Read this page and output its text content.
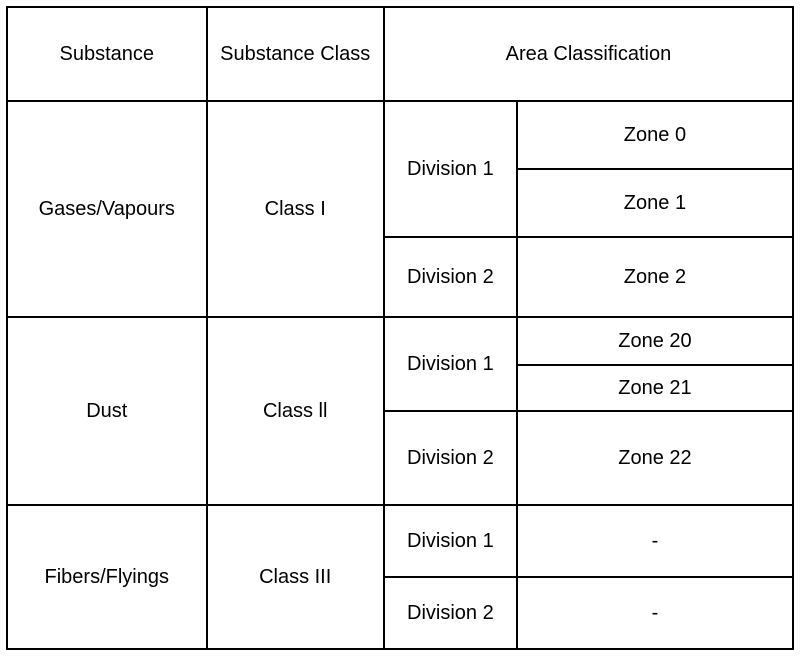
Substance	Substance Class	Area Classification	
Gases/Vapours	Class I	Division 1	Zone 0
			Zone 1
		Division 2	Zone 2
Dust	Class ll	Division 1	Zone 20
			Zone 21
		Division 2	Zone 22
Fibers/Flyings	Class III	Division 1	-
		Division 2	-
